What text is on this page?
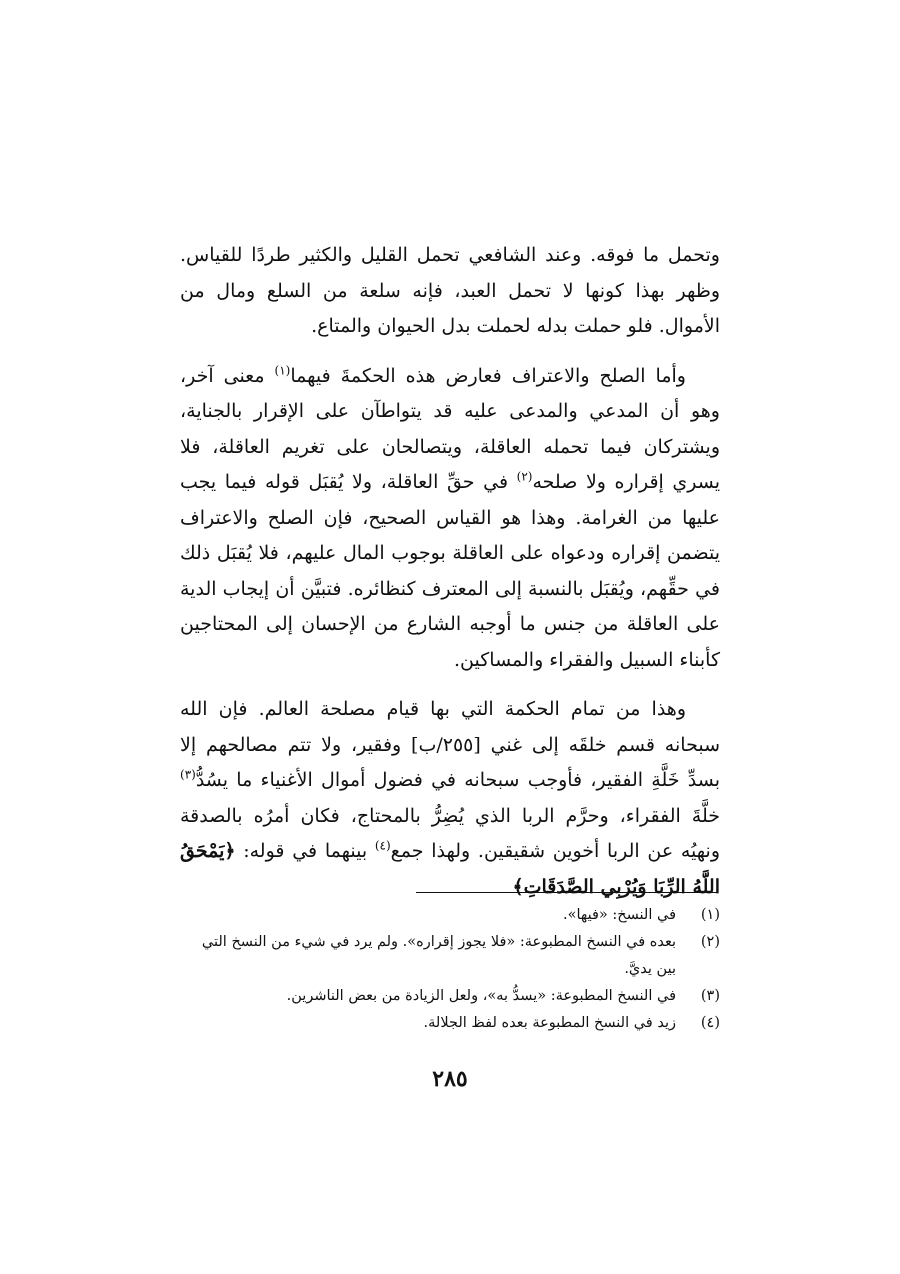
وتحمل ما فوقه. وعند الشافعي تحمل القليل والكثير طردًا للقياس. وظهر بهذا كونها لا تحمل العبد، فإنه سلعة من السلع ومال من الأموال. فلو حملت بدله لحملت بدل الحيوان والمتاع.

وأما الصلح والاعتراف فعارض هذه الحكمةَ فيهما$^{(١)}$ معنى آخر، وهو أن المدعي والمدعى عليه قد يتواطآن على الإقرار بالجناية، ويشتركان فيما تحمله العاقلة، ويتصالحان على تغريم العاقلة، فلا يسري إقراره ولا صلحه$^{(٢)}$ في حقِّ العاقلة، ولا يُقبَل قوله فيما يجب عليها من الغرامة. وهذا هو القياس الصحيح، فإن الصلح والاعتراف يتضمن إقراره ودعواه على العاقلة بوجوب المال عليهم، فلا يُقبَل ذلك في حقِّهم، ويُقبَل بالنسبة إلى المعترف كنظائره. فتبيَّن أن إيجاب الدية على العاقلة من جنس ما أوجبه الشارع من الإحسان إلى المحتاجين كأبناء السبيل والفقراء والمساكين.

وهذا من تمام الحكمة التي بها قيام مصلحة العالم. فإن الله سبحانه قسم خلقَه إلى غني [٢٥٥/ب] وفقير، ولا تتم مصالحهم إلا بسدِّ خَلَّةِ الفقير، فأوجب سبحانه في فضول أموال الأغنياء ما يسُدُّ$^{(٣)}$ خلَّةَ الفقراء، وحرَّم الربا الذي يُضِرُّ بالمحتاج، فكان أمرُه بالصدقة ونهيُه عن الربا أخوين شقيقين. ولهذا جمع$^{(٤)}$ بينهما في قوله: ﴿يَمْحَقُ اللَّهُ الرِّبَا وَيُرْبِي الصَّدَقَاتِ﴾

(١)
في النسخ: «فيها».
(٢)
بعده في النسخ المطبوعة: «فلا يجوز إقراره». ولم يرد في شيء من النسخ التي بين يديَّ.
(٣)
في النسخ المطبوعة: «يسدُّ به»، ولعل الزيادة من بعض الناشرين.
(٤)
زيد في النسخ المطبوعة بعده لفظ الجلالة.
٢٨٥
